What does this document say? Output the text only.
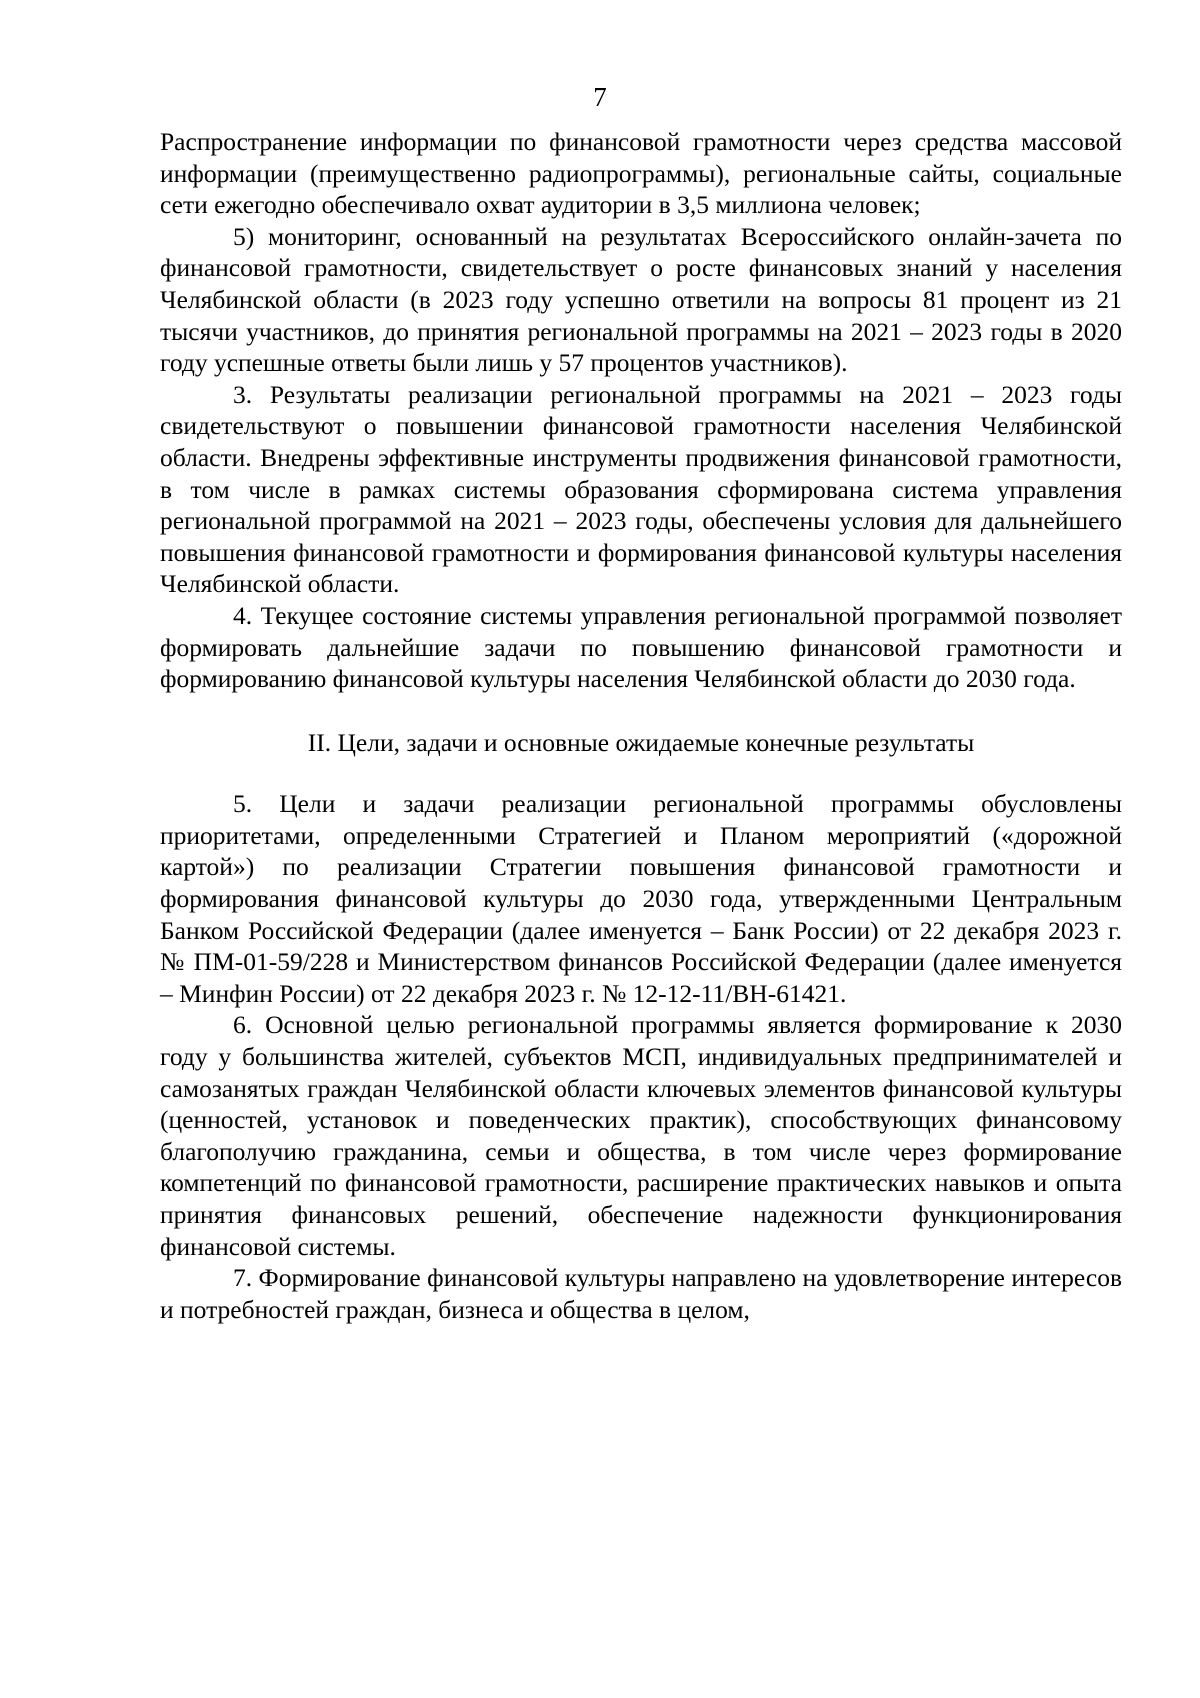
7

Распространение информации по финансовой грамотности через средства массовой информации (преимущественно радиопрограммы), региональные сайты, социальные сети ежегодно обеспечивало охват аудитории в 3,5 миллиона человек;

5) мониторинг, основанный на результатах Всероссийского онлайн-зачета по финансовой грамотности, свидетельствует о росте финансовых знаний у населения Челябинской области (в 2023 году успешно ответили на вопросы 81 процент из 21 тысячи участников, до принятия региональной программы на 2021 – 2023 годы в 2020 году успешные ответы были лишь у 57 процентов участников).

3. Результаты реализации региональной программы на 2021 – 2023 годы свидетельствуют о повышении финансовой грамотности населения Челябинской области. Внедрены эффективные инструменты продвижения финансовой грамотности, в том числе в рамках системы образования сформирована система управления региональной программой на 2021 – 2023 годы, обеспечены условия для дальнейшего повышения финансовой грамотности и формирования финансовой культуры населения Челябинской области.

4. Текущее состояние системы управления региональной программой позволяет формировать дальнейшие задачи по повышению финансовой грамотности и формированию финансовой культуры населения Челябинской области до 2030 года.

II. Цели, задачи и основные ожидаемые конечные результаты

5. Цели и задачи реализации региональной программы обусловлены приоритетами, определенными Стратегией и Планом мероприятий («дорожной картой») по реализации Стратегии повышения финансовой грамотности и формирования финансовой культуры до 2030 года, утвержденными Центральным Банком Российской Федерации (далее именуется – Банк России) от 22 декабря 2023 г. № ПМ-01-59/228 и Министерством финансов Российской Федерации (далее именуется – Минфин России) от 22 декабря 2023 г. № 12-12-11/ВН-61421.

6. Основной целью региональной программы является формирование к 2030 году у большинства жителей, субъектов МСП, индивидуальных предпринимателей и самозанятых граждан Челябинской области ключевых элементов финансовой культуры (ценностей, установок и поведенческих практик), способствующих финансовому благополучию гражданина, семьи и общества, в том числе через формирование компетенций по финансовой грамотности, расширение практических навыков и опыта принятия финансовых решений, обеспечение надежности функционирования финансовой системы.

7. Формирование финансовой культуры направлено на удовлетворение интересов и потребностей граждан, бизнеса и общества в целом,
